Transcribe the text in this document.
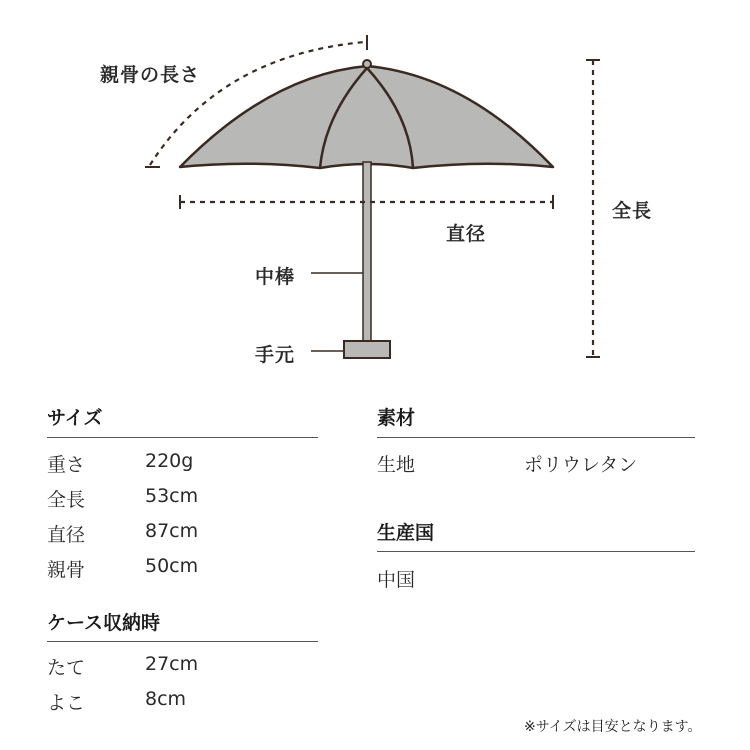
親骨の長さ
全長
直径
中棒
手元
サイズ
重さ	220g
全長	53cm
直径	87cm
親骨	50cm
ケース収納時
たて	27cm
よこ	8cm
素材
生地	ポリウレタン
生産国
中国
※サイズは目安となります。
